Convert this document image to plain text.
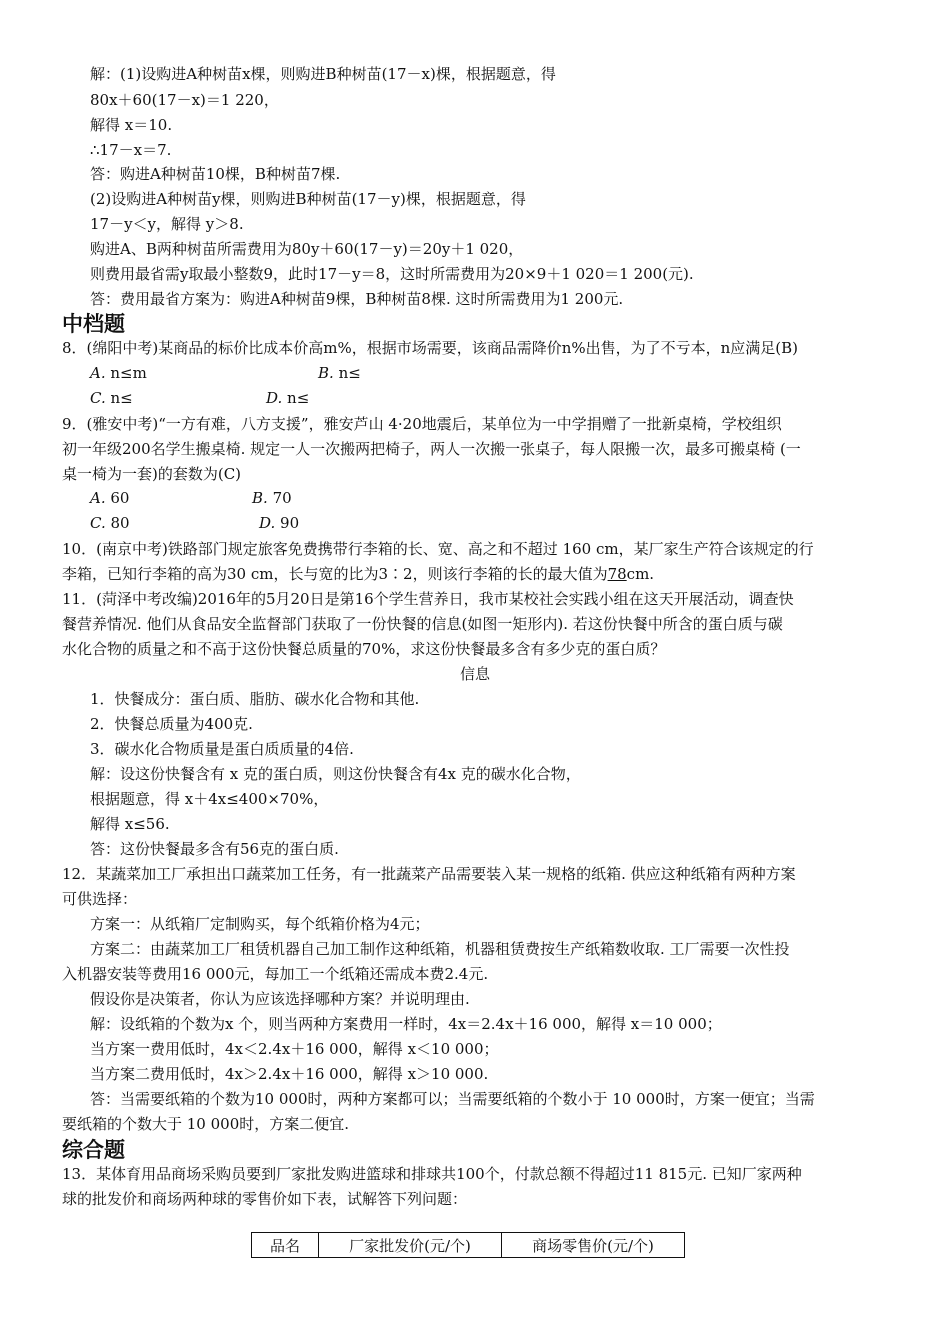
解：(1)设购进A种树苗x棵，则购进B种树苗(17－x)棵，根据题意，得
80x＋60(17－x)＝1 220，
解得 x＝10.
∴17－x＝7.
答：购进A种树苗10棵，B种树苗7棵.
(2)设购进A种树苗y棵，则购进B种树苗(17－y)棵，根据题意，得
17－y＜y，解得 y＞8.
购进A、B两种树苗所需费用为80y＋60(17－y)＝20y＋1 020，
则费用最省需y取最小整数9，此时17－y＝8，这时所需费用为20×9＋1 020＝1 200(元).
答：费用最省方案为：购进A种树苗9棵，B种树苗8棵. 这时所需费用为1 200元.
中档题
8．(绵阳中考)某商品的标价比成本价高m%，根据市场需要，该商品需降价n%出售，为了不亏本，n应满足(B)
A. n≤m	B. n≤
C. n≤	D. n≤
9．(雅安中考)“一方有难，八方支援”，雅安芦山 4·20地震后，某单位为一中学捐赠了一批新桌椅，学校组织
初一年级200名学生搬桌椅. 规定一人一次搬两把椅子，两人一次搬一张桌子，每人限搬一次，最多可搬桌椅 (一
桌一椅为一套)的套数为(C)
A. 60	B. 70
C. 80	D. 90
10．(南京中考)铁路部门规定旅客免费携带行李箱的长、宽、高之和不超过 160 cm，某厂家生产符合该规定的行
李箱，已知行李箱的高为30 cm，长与宽的比为3∶2，则该行李箱的长的最大值为78cm.
11．(菏泽中考改编)2016年的5月20日是第16个学生营养日，我市某校社会实践小组在这天开展活动，调查快
餐营养情况. 他们从食品安全监督部门获取了一份快餐的信息(如图一矩形内). 若这份快餐中所含的蛋白质与碳
水化合物的质量之和不高于这份快餐总质量的70%，求这份快餐最多含有多少克的蛋白质？
信息
1．快餐成分：蛋白质、脂肪、碳水化合物和其他.
2．快餐总质量为400克.
3．碳水化合物质量是蛋白质质量的4倍.
解：设这份快餐含有 x 克的蛋白质，则这份快餐含有4x 克的碳水化合物，
根据题意，得 x＋4x≤400×70%，
解得 x≤56.
答：这份快餐最多含有56克的蛋白质.
12．某蔬菜加工厂承担出口蔬菜加工任务，有一批蔬菜产品需要装入某一规格的纸箱. 供应这种纸箱有两种方案
可供选择：
方案一：从纸箱厂定制购买，每个纸箱价格为4元；
方案二：由蔬菜加工厂租赁机器自己加工制作这种纸箱，机器租赁费按生产纸箱数收取. 工厂需要一次性投
入机器安装等费用16 000元，每加工一个纸箱还需成本费2.4元.
假设你是决策者，你认为应该选择哪种方案？并说明理由.
解：设纸箱的个数为x 个，则当两种方案费用一样时，4x＝2.4x＋16 000，解得 x＝10 000；
当方案一费用低时，4x＜2.4x＋16 000，解得 x＜10 000；
当方案二费用低时，4x＞2.4x＋16 000，解得 x＞10 000.
答：当需要纸箱的个数为10 000时，两种方案都可以；当需要纸箱的个数小于 10 000时，方案一便宜；当需
要纸箱的个数大于 10 000时，方案二便宜.
综合题
13．某体育用品商场采购员要到厂家批发购进篮球和排球共100个，付款总额不得超过11 815元. 已知厂家两种
球的批发价和商场两种球的零售价如下表，试解答下列问题：
品名	厂家批发价(元/个)	商场零售价(元/个)
